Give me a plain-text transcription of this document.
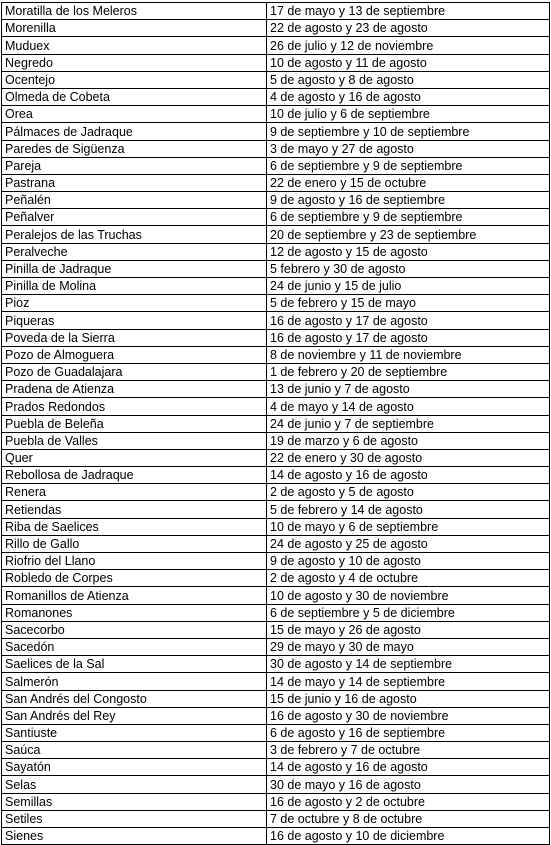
Moratilla de los Meleros	17 de mayo y 13 de septiembre
Morenilla	22 de agosto y 23 de agosto
Muduex	26 de julio y 12 de noviembre
Negredo	10 de agosto y 11 de agosto
Ocentejo	5 de agosto y 8 de agosto
Olmeda de Cobeta	4 de agosto y 16 de agosto
Orea	10 de julio y 6 de septiembre
Pálmaces de Jadraque	9 de septiembre y 10 de septiembre
Paredes de Sigüenza	3 de mayo y 27 de agosto
Pareja	6 de septiembre y 9 de septiembre
Pastrana	22 de enero y 15 de octubre
Peñalén	9 de agosto y 16 de septiembre
Peñalver	6 de septiembre y 9 de septiembre
Peralejos de las Truchas	20 de septiembre y 23 de septiembre
Peralveche	12 de agosto y 15 de agosto
Pinilla de Jadraque	5 febrero y 30 de agosto
Pinilla de Molina	24 de junio y 15 de julio
Pioz	5 de febrero y 15 de mayo
Piqueras	16 de agosto y 17 de agosto
Poveda de la Sierra	16 de agosto y 17 de agosto
Pozo de Almoguera	8 de noviembre y 11 de noviembre
Pozo de Guadalajara	1 de febrero y 20 de septiembre
Pradena de Atienza	13 de junio y 7 de agosto
Prados Redondos	4 de mayo y 14 de agosto
Puebla de Beleña	24 de junio y 7 de septiembre
Puebla de Valles	19 de marzo y 6 de agosto
Quer	22 de enero y 30 de agosto
Rebollosa de Jadraque	14 de agosto y 16 de agosto
Renera	2 de agosto y 5 de agosto
Retiendas	5 de febrero y 14 de agosto
Riba de Saelices	10 de mayo y 6 de septiembre
Rillo de Gallo	24 de agosto y 25 de agosto
Riofrio del Llano	9 de agosto y 10 de agosto
Robledo de Corpes	2 de agosto y 4 de octubre
Romanillos de Atienza	10 de agosto y 30 de noviembre
Romanones	6 de septiembre y 5 de diciembre
Sacecorbo	15 de mayo y 26 de agosto
Sacedón	29 de mayo y 30 de mayo
Saelices de la Sal	30 de agosto y 14 de septiembre
Salmerón	14 de mayo y 14 de septiembre
San Andrés del Congosto	15 de junio y 16 de agosto
San Andrés del Rey	16 de agosto y 30 de noviembre
Santiuste	6 de agosto y 16 de septiembre
Saúca	3 de febrero y 7 de octubre
Sayatón	14 de agosto y 16 de agosto
Selas	30 de mayo y 16 de agosto
Semillas	16 de agosto y 2 de octubre
Setiles	7 de octubre y 8 de octubre
Sienes	16 de agosto y 10 de diciembre
